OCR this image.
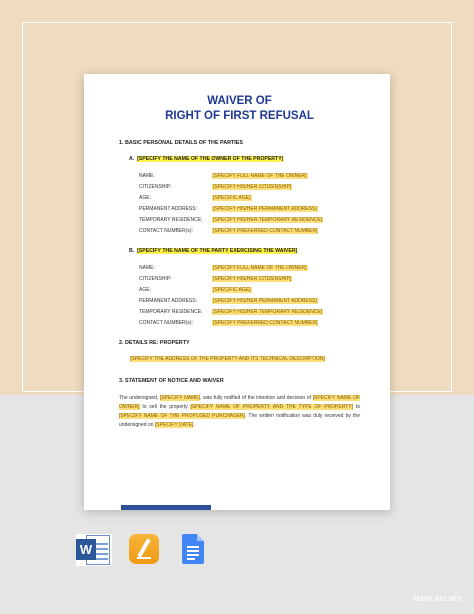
WAIVER OF
RIGHT OF FIRST REFUSAL
1. BASIC PERSONAL DETAILS OF THE PARTIES
A. [SPECIFY THE NAME OF THE OWNER OF THE PROPERTY]
NAME:	[SPECIFY FULL NAME OF THE OWNER]
CITIZENSHIP:	[SPECIFY HIS/HER CITIZENSHIP]
AGE:	[SPECIFIC AGE]
PERMANENT ADDRESS:	[SPECIFY HIS/HER PERMANENT ADDRESS]
TEMPORARY RESIDENCE:	[SPECIFY HIS/HER TEMPORARY RESIDENCE]
CONTACT NUMBER(s):	[SPECIFY PREFERRED CONTACT NUMBER]
B. [SPECIFY THE NAME OF THE PARTY EXERCISING THE WAIVER]
NAME:	[SPECIFY FULL NAME OF THE OWNER]
CITIZENSHIP:	[SPECIFY HIS/HER CITIZENSHIP]
AGE:	[SPECIFIC AGE]
PERMANENT ADDRESS:	[SPECIFY HIS/HER PERMANENT ADDRESS]
TEMPORARY RESIDENCE:	[SPECIFY HIS/HER TEMPORARY RESIDENCE]
CONTACT NUMBER(s):	[SPECIFY PREFERRED CONTACT NUMBER]
2. DETAILS RE: PROPERTY
[SPECIFY THE ADDRESS OF THE PROPERTY AND ITS TECHNICAL DESCRIPTION]
3. STATEMENT OF NOTICE AND WAIVER

The undersigned, [SPECIFY NAME], was fully notified of the intention and decision of [SPECIFY NAME OF OWNER] to sell the property [SPECIFY NAME OF PROPERTY AND THE TYPE OF PROPERTY] to [SPECIFY NAME OF THE PROPOSED PURCHASER]. The written notification was duly received by the undersigned on [SPECIFY DATE].

W
TEMPLATE.NET
